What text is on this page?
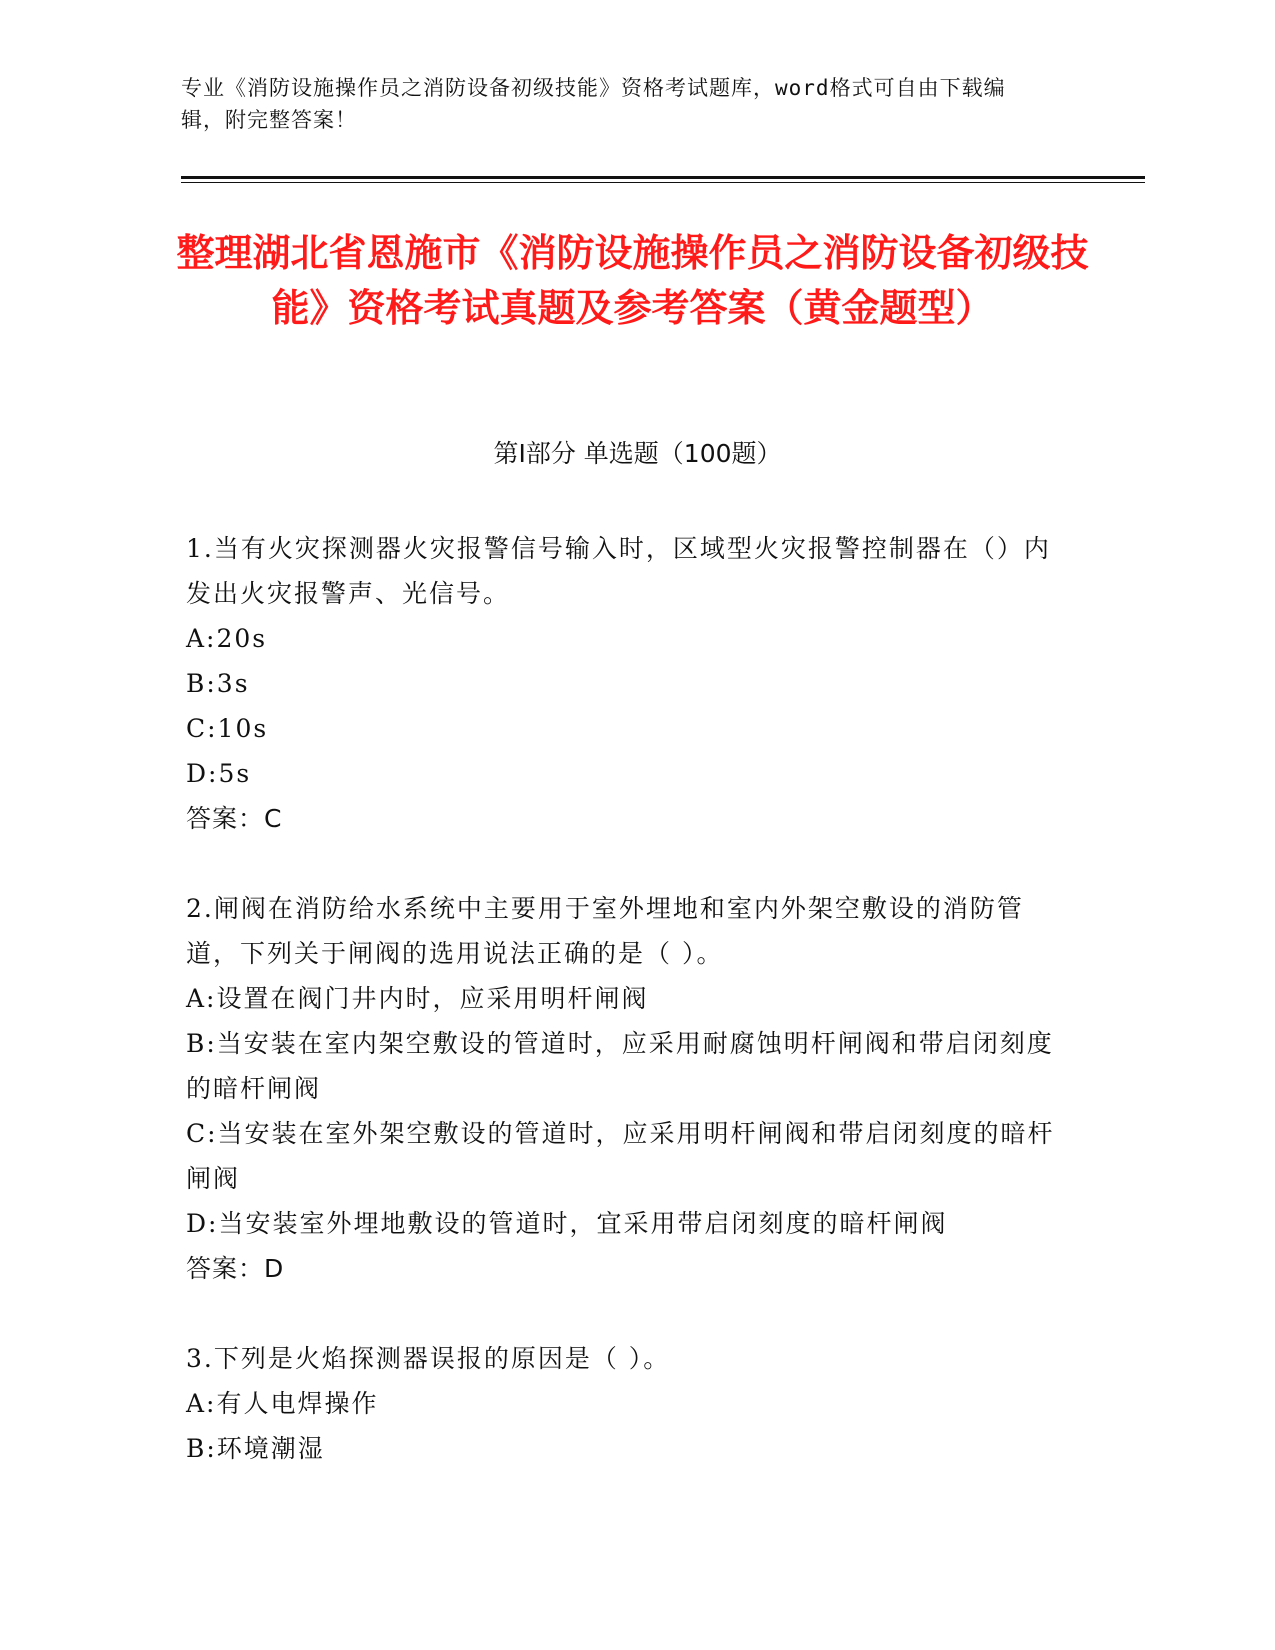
专业《消防设施操作员之消防设备初级技能》资格考试题库，word格式可自由下载编辑，附完整答案！
整理湖北省恩施市《消防设施操作员之消防设备初级技能》资格考试真题及参考答案（黄金题型）
第I部分 单选题（100题）
1.当有火灾探测器火灾报警信号输入时，区域型火灾报警控制器在（）内发出火灾报警声、光信号。
A:20s
B:3s
C:10s
D:5s
答案：C
2.闸阀在消防给水系统中主要用于室外埋地和室内外架空敷设的消防管道，下列关于闸阀的选用说法正确的是（ ）。
A:设置在阀门井内时，应采用明杆闸阀
B:当安装在室内架空敷设的管道时，应采用耐腐蚀明杆闸阀和带启闭刻度的暗杆闸阀
C:当安装在室外架空敷设的管道时，应采用明杆闸阀和带启闭刻度的暗杆闸阀
D:当安装室外埋地敷设的管道时，宜采用带启闭刻度的暗杆闸阀
答案：D
3.下列是火焰探测器误报的原因是（ ）。
A:有人电焊操作
B:环境潮湿
